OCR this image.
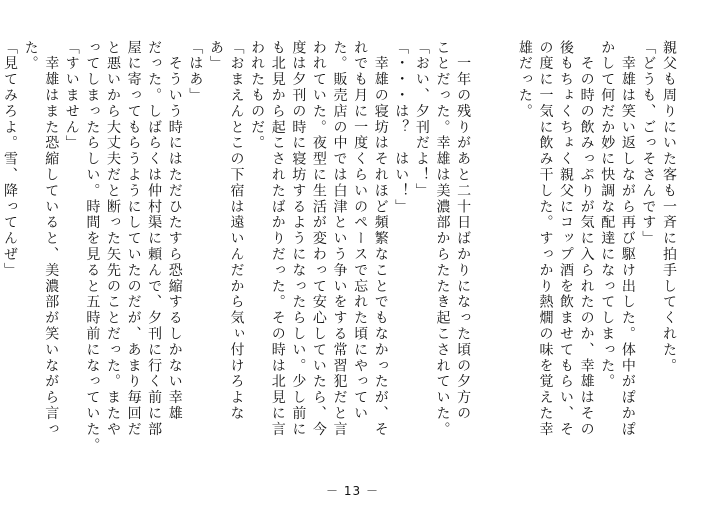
親父も周りにいた客も一斉に拍手してくれた。
「どうも、ごっそさんです」
　幸雄は笑い返しながら再び駆け出した。体中がぽかぽ
かして何だか妙に快調な配達になってしまった。
　その時の飲みっぷりが気に入られたのか、幸雄はその
後もちょくちょく親父にコップ酒を飲ませてもらい、そ
の度に一気に飲み干した。すっかり熱燗の味を覚えた幸
雄だった。

　一年の残りがあと二十日ばかりになった頃の夕方の
ことだった。幸雄は美濃部からたたき起こされていた。
「おい、夕刊だよ！」
「・・・は？　はい！」
　幸雄の寝坊はそれほど頻繁なことでもなかったが、そ
れでも月に一度くらいのペースで忘れた頃にやってい
た。販売店の中では白津という争いをする常習犯だと言
われていた。夜型に生活が変わって安心していたら、今
度は夕刊の時に寝坊するようになったらしい。少し前に
も北見から起こされたばかりだった。その時は北見に言
われたものだ。
「おまえんとこの下宿は遠いんだから気ぃ付けろよな
あ」
「はあ」
　そういう時にはただひたすら恐縮するしかない幸雄
だった。しばらくは仲村渠に頼んで、夕刊に行く前に部
屋に寄ってもらうようにしていたのだが、あまり毎回だ
と悪いから大丈夫だと断った矢先のことだった。またや
ってしまったらしい。時間を見ると五時前になっていた。
「すいません」
　幸雄はまた恐縮していると、美濃部が笑いながら言っ
た。
「見てみろよ。雪、降ってんぜ」
－ 13 －
